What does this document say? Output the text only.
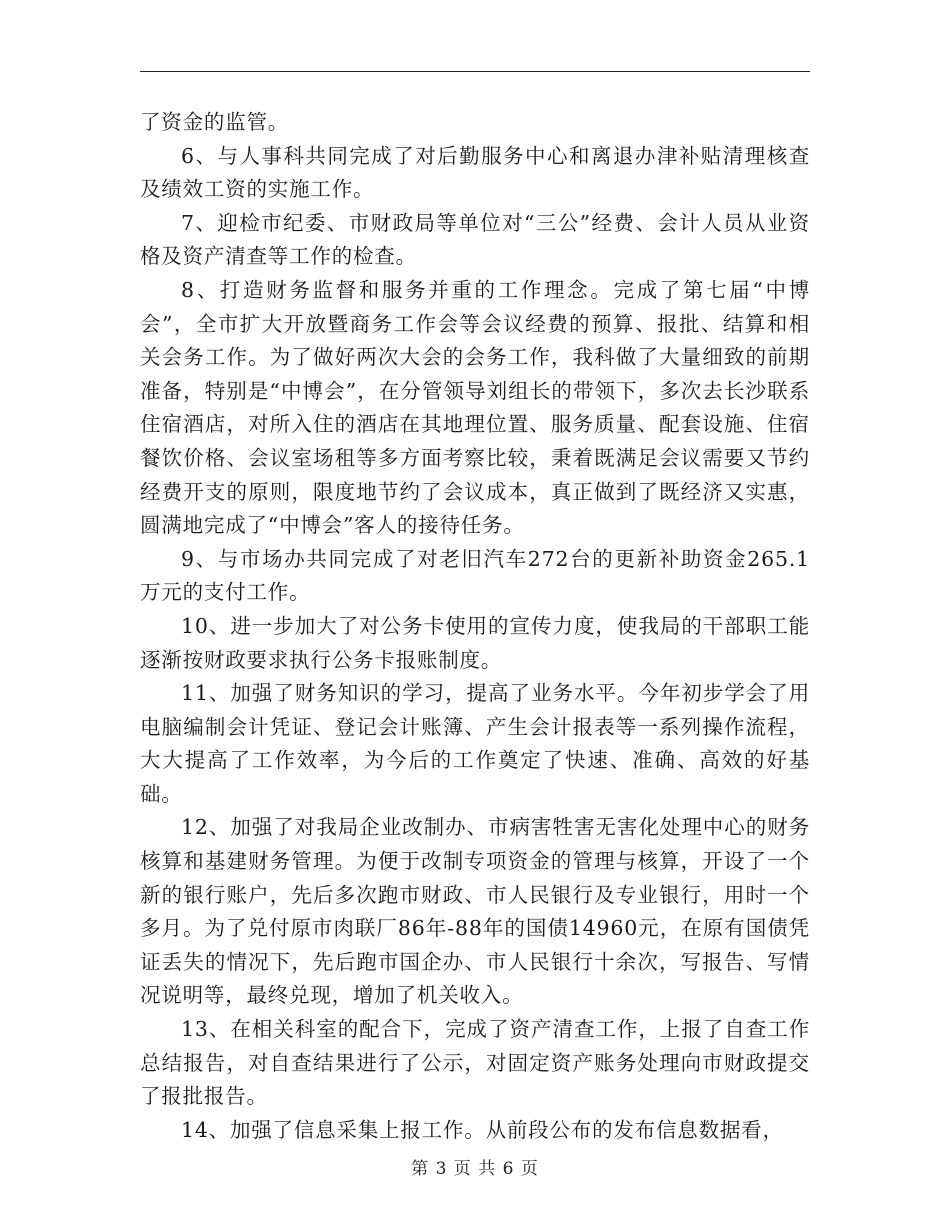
了资金的监管。

6、与人事科共同完成了对后勤服务中心和离退办津补贴清理核查及绩效工资的实施工作。

7、迎检市纪委、市财政局等单位对“三公”经费、会计人员从业资格及资产清查等工作的检查。

8、打造财务监督和服务并重的工作理念。完成了第七届“中博会”，全市扩大开放暨商务工作会等会议经费的预算、报批、结算和相关会务工作。为了做好两次大会的会务工作，我科做了大量细致的前期准备，特别是“中博会”，在分管领导刘组长的带领下，多次去长沙联系住宿酒店，对所入住的酒店在其地理位置、服务质量、配套设施、住宿餐饮价格、会议室场租等多方面考察比较，秉着既满足会议需要又节约经费开支的原则，限度地节约了会议成本，真正做到了既经济又实惠，圆满地完成了“中博会”客人的接待任务。

9、与市场办共同完成了对老旧汽车272台的更新补助资金265.1万元的支付工作。

10、进一步加大了对公务卡使用的宣传力度，使我局的干部职工能逐渐按财政要求执行公务卡报账制度。

11、加强了财务知识的学习，提高了业务水平。今年初步学会了用电脑编制会计凭证、登记会计账簿、产生会计报表等一系列操作流程，大大提高了工作效率，为今后的工作奠定了快速、准确、高效的好基础。

12、加强了对我局企业改制办、市病害牲害无害化处理中心的财务核算和基建财务管理。为便于改制专项资金的管理与核算，开设了一个新的银行账户，先后多次跑市财政、市人民银行及专业银行，用时一个多月。为了兑付原市肉联厂86年-88年的国债14960元，在原有国债凭证丢失的情况下，先后跑市国企办、市人民银行十余次，写报告、写情况说明等，最终兑现，增加了机关收入。

13、在相关科室的配合下，完成了资产清查工作，上报了自查工作总结报告，对自查结果进行了公示，对固定资产账务处理向市财政提交了报批报告。

14、加强了信息采集上报工作。从前段公布的发布信息数据看，

第 3 页 共 6 页
